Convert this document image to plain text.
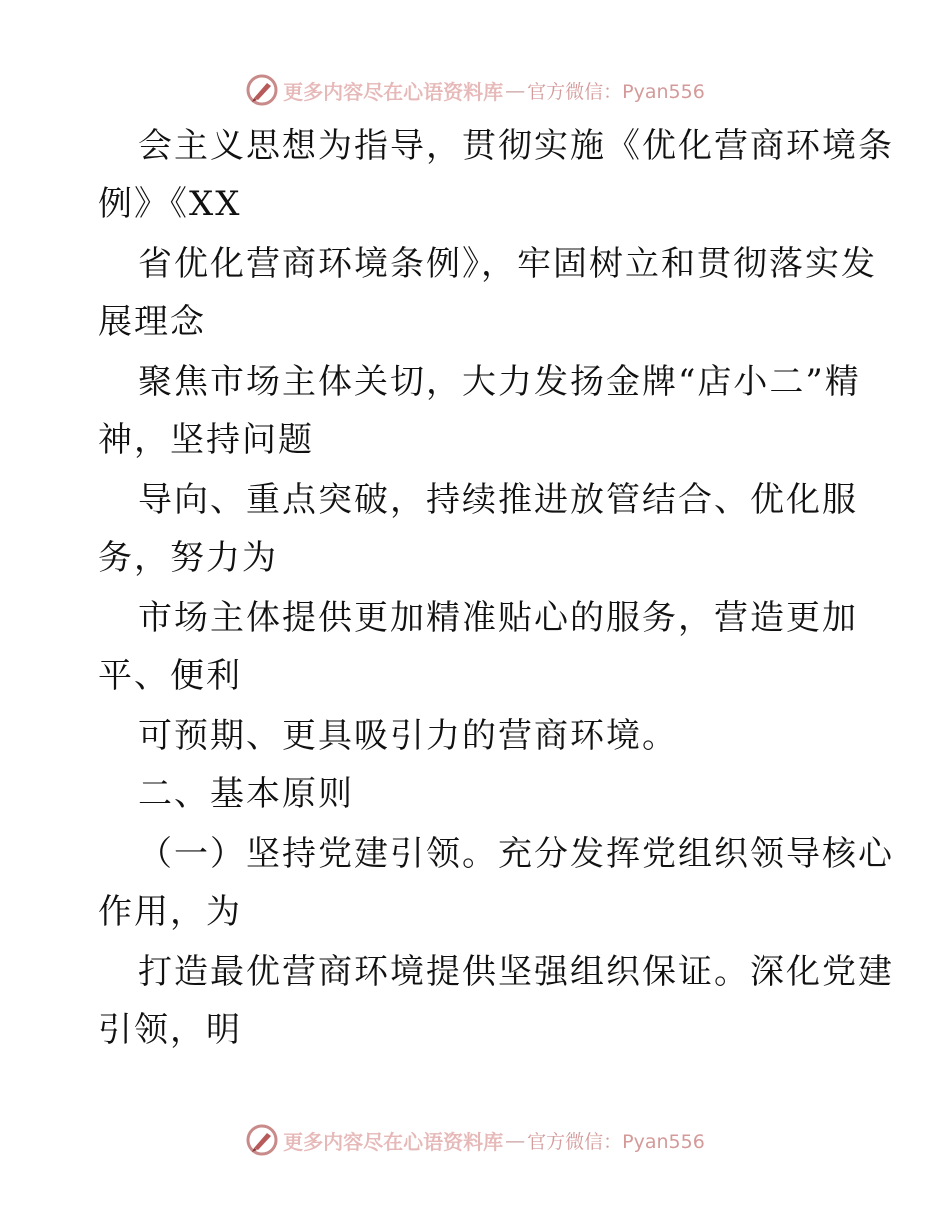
更多内容尽在心语资料库 — 官方微信：Pyan556
会主义思想为指导，贯彻实施《优化营商环境条
例》《XX
省优化营商环境条例》，牢固树立和贯彻落实发
展理念
聚焦市场主体关切，大力发扬金牌“店小二”精
神，坚持问题
导向、重点突破，持续推进放管结合、优化服
务，努力为
市场主体提供更加精准贴心的服务，营造更加
平、便利
可预期、更具吸引力的营商环境。
二、基本原则
（一）坚持党建引领。充分发挥党组织领导核心
作用，为
打造最优营商环境提供坚强组织保证。深化党建
引领，明
更多内容尽在心语资料库 — 官方微信：Pyan556
